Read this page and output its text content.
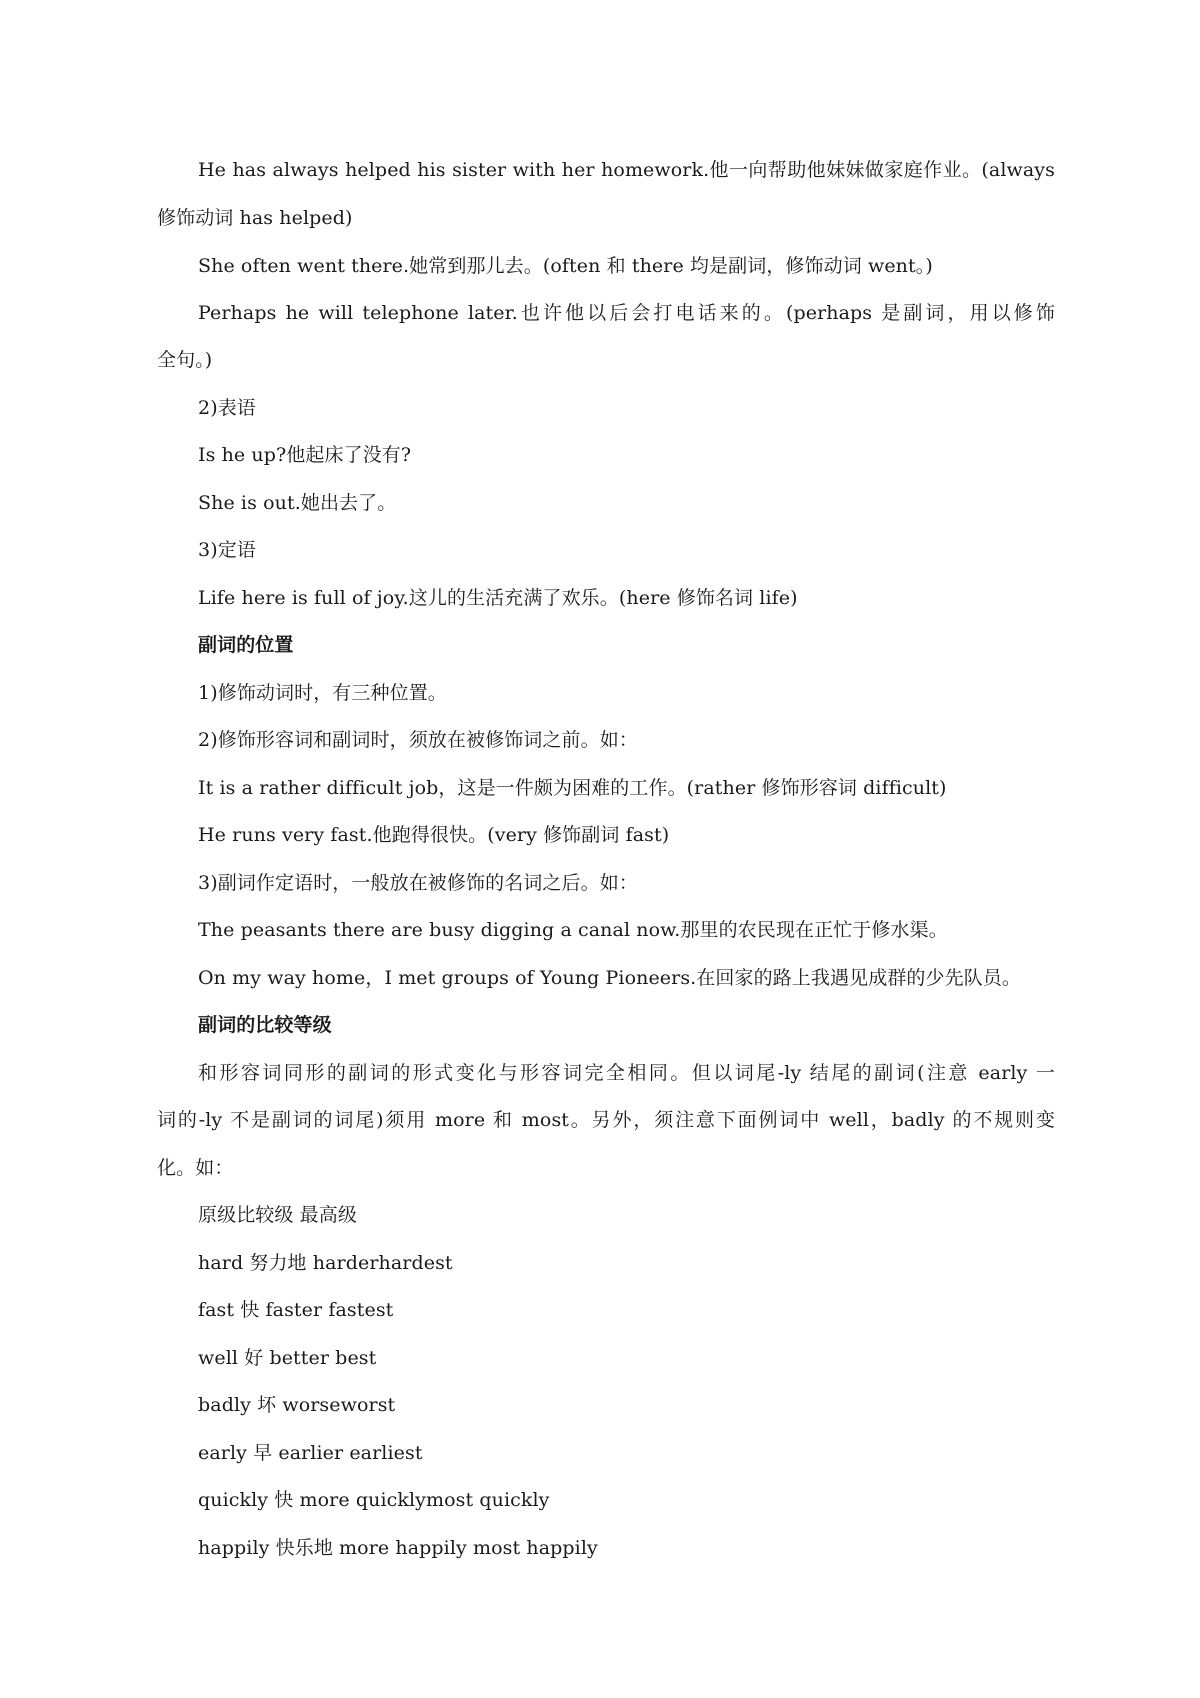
He has always helped his sister with her homework.他一向帮助他妹妹做家庭作业。(always
修饰动词 has helped)
She often went there.她常到那儿去。(often 和 there 均是副词，修饰动词 went。)
Perhaps he will telephone later.也许他以后会打电话来的。(perhaps 是副词，用以修饰
全句。)
2)表语
Is he up?他起床了没有?
She is out.她出去了。
3)定语
Life here is full of joy.这儿的生活充满了欢乐。(here 修饰名词 life)
副词的位置
1)修饰动词时，有三种位置。
2)修饰形容词和副词时，须放在被修饰词之前。如：
It is a rather difficult job，这是一件颇为困难的工作。(rather 修饰形容词 difficult)
He runs very fast.他跑得很快。(very 修饰副词 fast)
3)副词作定语时，一般放在被修饰的名词之后。如：
The peasants there are busy digging a canal now.那里的农民现在正忙于修水渠。
On my way home，I met groups of Young Pioneers.在回家的路上我遇见成群的少先队员。
副词的比较等级
和形容词同形的副词的形式变化与形容词完全相同。但以词尾-ly 结尾的副词(注意 early 一
词的-ly 不是副词的词尾)须用 more 和 most。另外，须注意下面例词中 well，badly 的不规则变
化。如：
原级比较级 最高级
hard 努力地 harderhardest
fast 快 faster fastest
well 好 better best
badly 坏 worseworst
early 早 earlier earliest
quickly 快 more quicklymost quickly
happily 快乐地 more happily most happily
